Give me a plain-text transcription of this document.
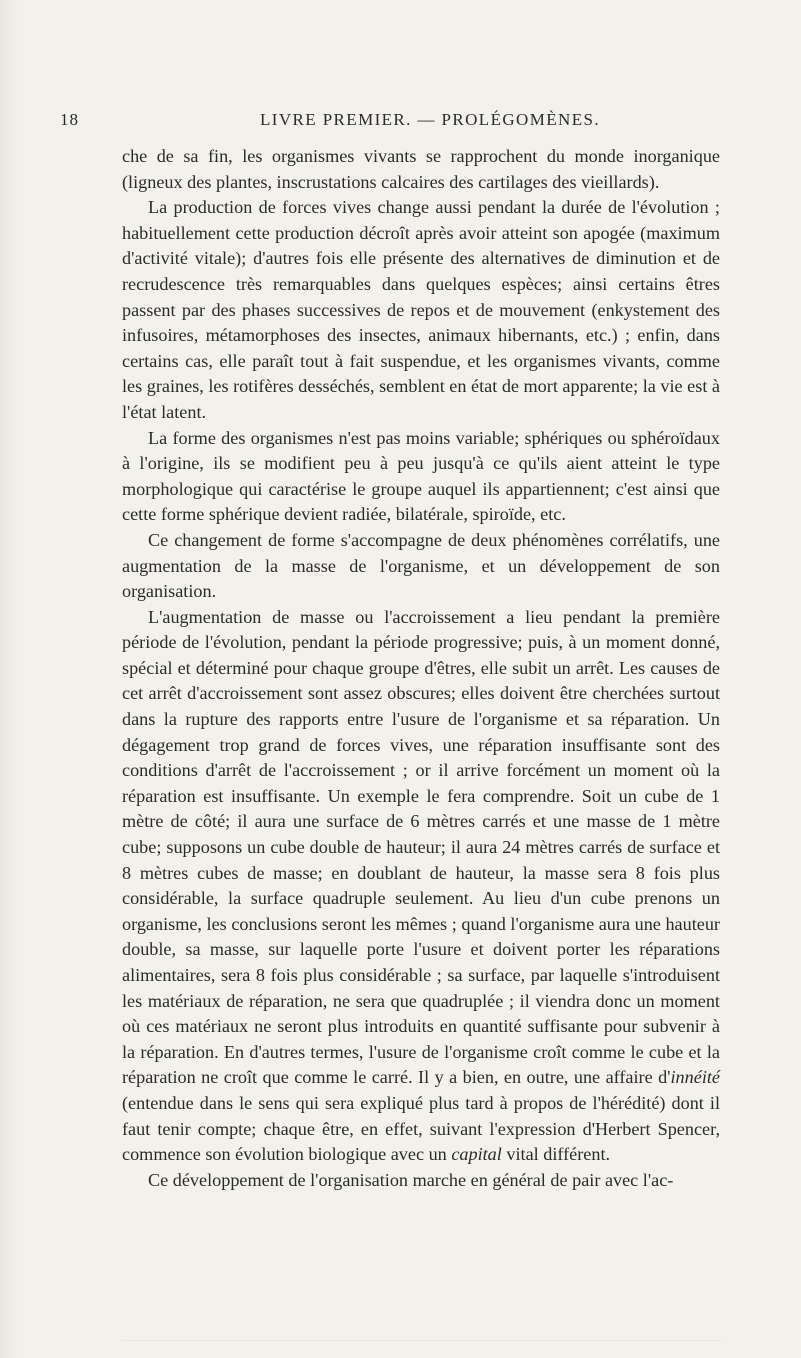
18	LIVRE PREMIER. — PROLÉGOMÈNES.

che de sa fin, les organismes vivants se rapprochent du monde inorganique (ligneux des plantes, inscrustations calcaires des cartilages des vieillards).

La production de forces vives change aussi pendant la durée de l'évolution ; habituellement cette production décroît après avoir atteint son apogée (maximum d'activité vitale); d'autres fois elle présente des alternatives de diminution et de recrudescence très remarquables dans quelques espèces; ainsi certains êtres passent par des phases successives de repos et de mouvement (enkystement des infusoires, métamorphoses des insectes, animaux hibernants, etc.) ; enfin, dans certains cas, elle paraît tout à fait suspendue, et les organismes vivants, comme les graines, les rotifères desséchés, semblent en état de mort apparente; la vie est à l'état latent.

La forme des organismes n'est pas moins variable; sphériques ou sphéroïdaux à l'origine, ils se modifient peu à peu jusqu'à ce qu'ils aient atteint le type morphologique qui caractérise le groupe auquel ils appartiennent; c'est ainsi que cette forme sphérique devient radiée, bilatérale, spiroïde, etc.

Ce changement de forme s'accompagne de deux phénomènes corrélatifs, une augmentation de la masse de l'organisme, et un développement de son organisation.

L'augmentation de masse ou l'accroissement a lieu pendant la première période de l'évolution, pendant la période progressive; puis, à un moment donné, spécial et déterminé pour chaque groupe d'êtres, elle subit un arrêt. Les causes de cet arrêt d'accroissement sont assez obscures; elles doivent être cherchées surtout dans la rupture des rapports entre l'usure de l'organisme et sa réparation. Un dégagement trop grand de forces vives, une réparation insuffisante sont des conditions d'arrêt de l'accroissement ; or il arrive forcément un moment où la réparation est insuffisante. Un exemple le fera comprendre. Soit un cube de 1 mètre de côté; il aura une surface de 6 mètres carrés et une masse de 1 mètre cube; supposons un cube double de hauteur; il aura 24 mètres carrés de surface et 8 mètres cubes de masse; en doublant de hauteur, la masse sera 8 fois plus considérable, la surface quadruple seulement. Au lieu d'un cube prenons un organisme, les conclusions seront les mêmes ; quand l'organisme aura une hauteur double, sa masse, sur laquelle porte l'usure et doivent porter les réparations alimentaires, sera 8 fois plus considérable ; sa surface, par laquelle s'introduisent les matériaux de réparation, ne sera que quadruplée ; il viendra donc un moment où ces matériaux ne seront plus introduits en quantité suffisante pour subvenir à la réparation. En d'autres termes, l'usure de l'organisme croît comme le cube et la réparation ne croît que comme le carré. Il y a bien, en outre, une affaire d'innéité (entendue dans le sens qui sera expliqué plus tard à propos de l'hérédité) dont il faut tenir compte; chaque être, en effet, suivant l'expression d'Herbert Spencer, commence son évolution biologique avec un capital vital différent.

Ce développement de l'organisation marche en général de pair avec l'ac-
